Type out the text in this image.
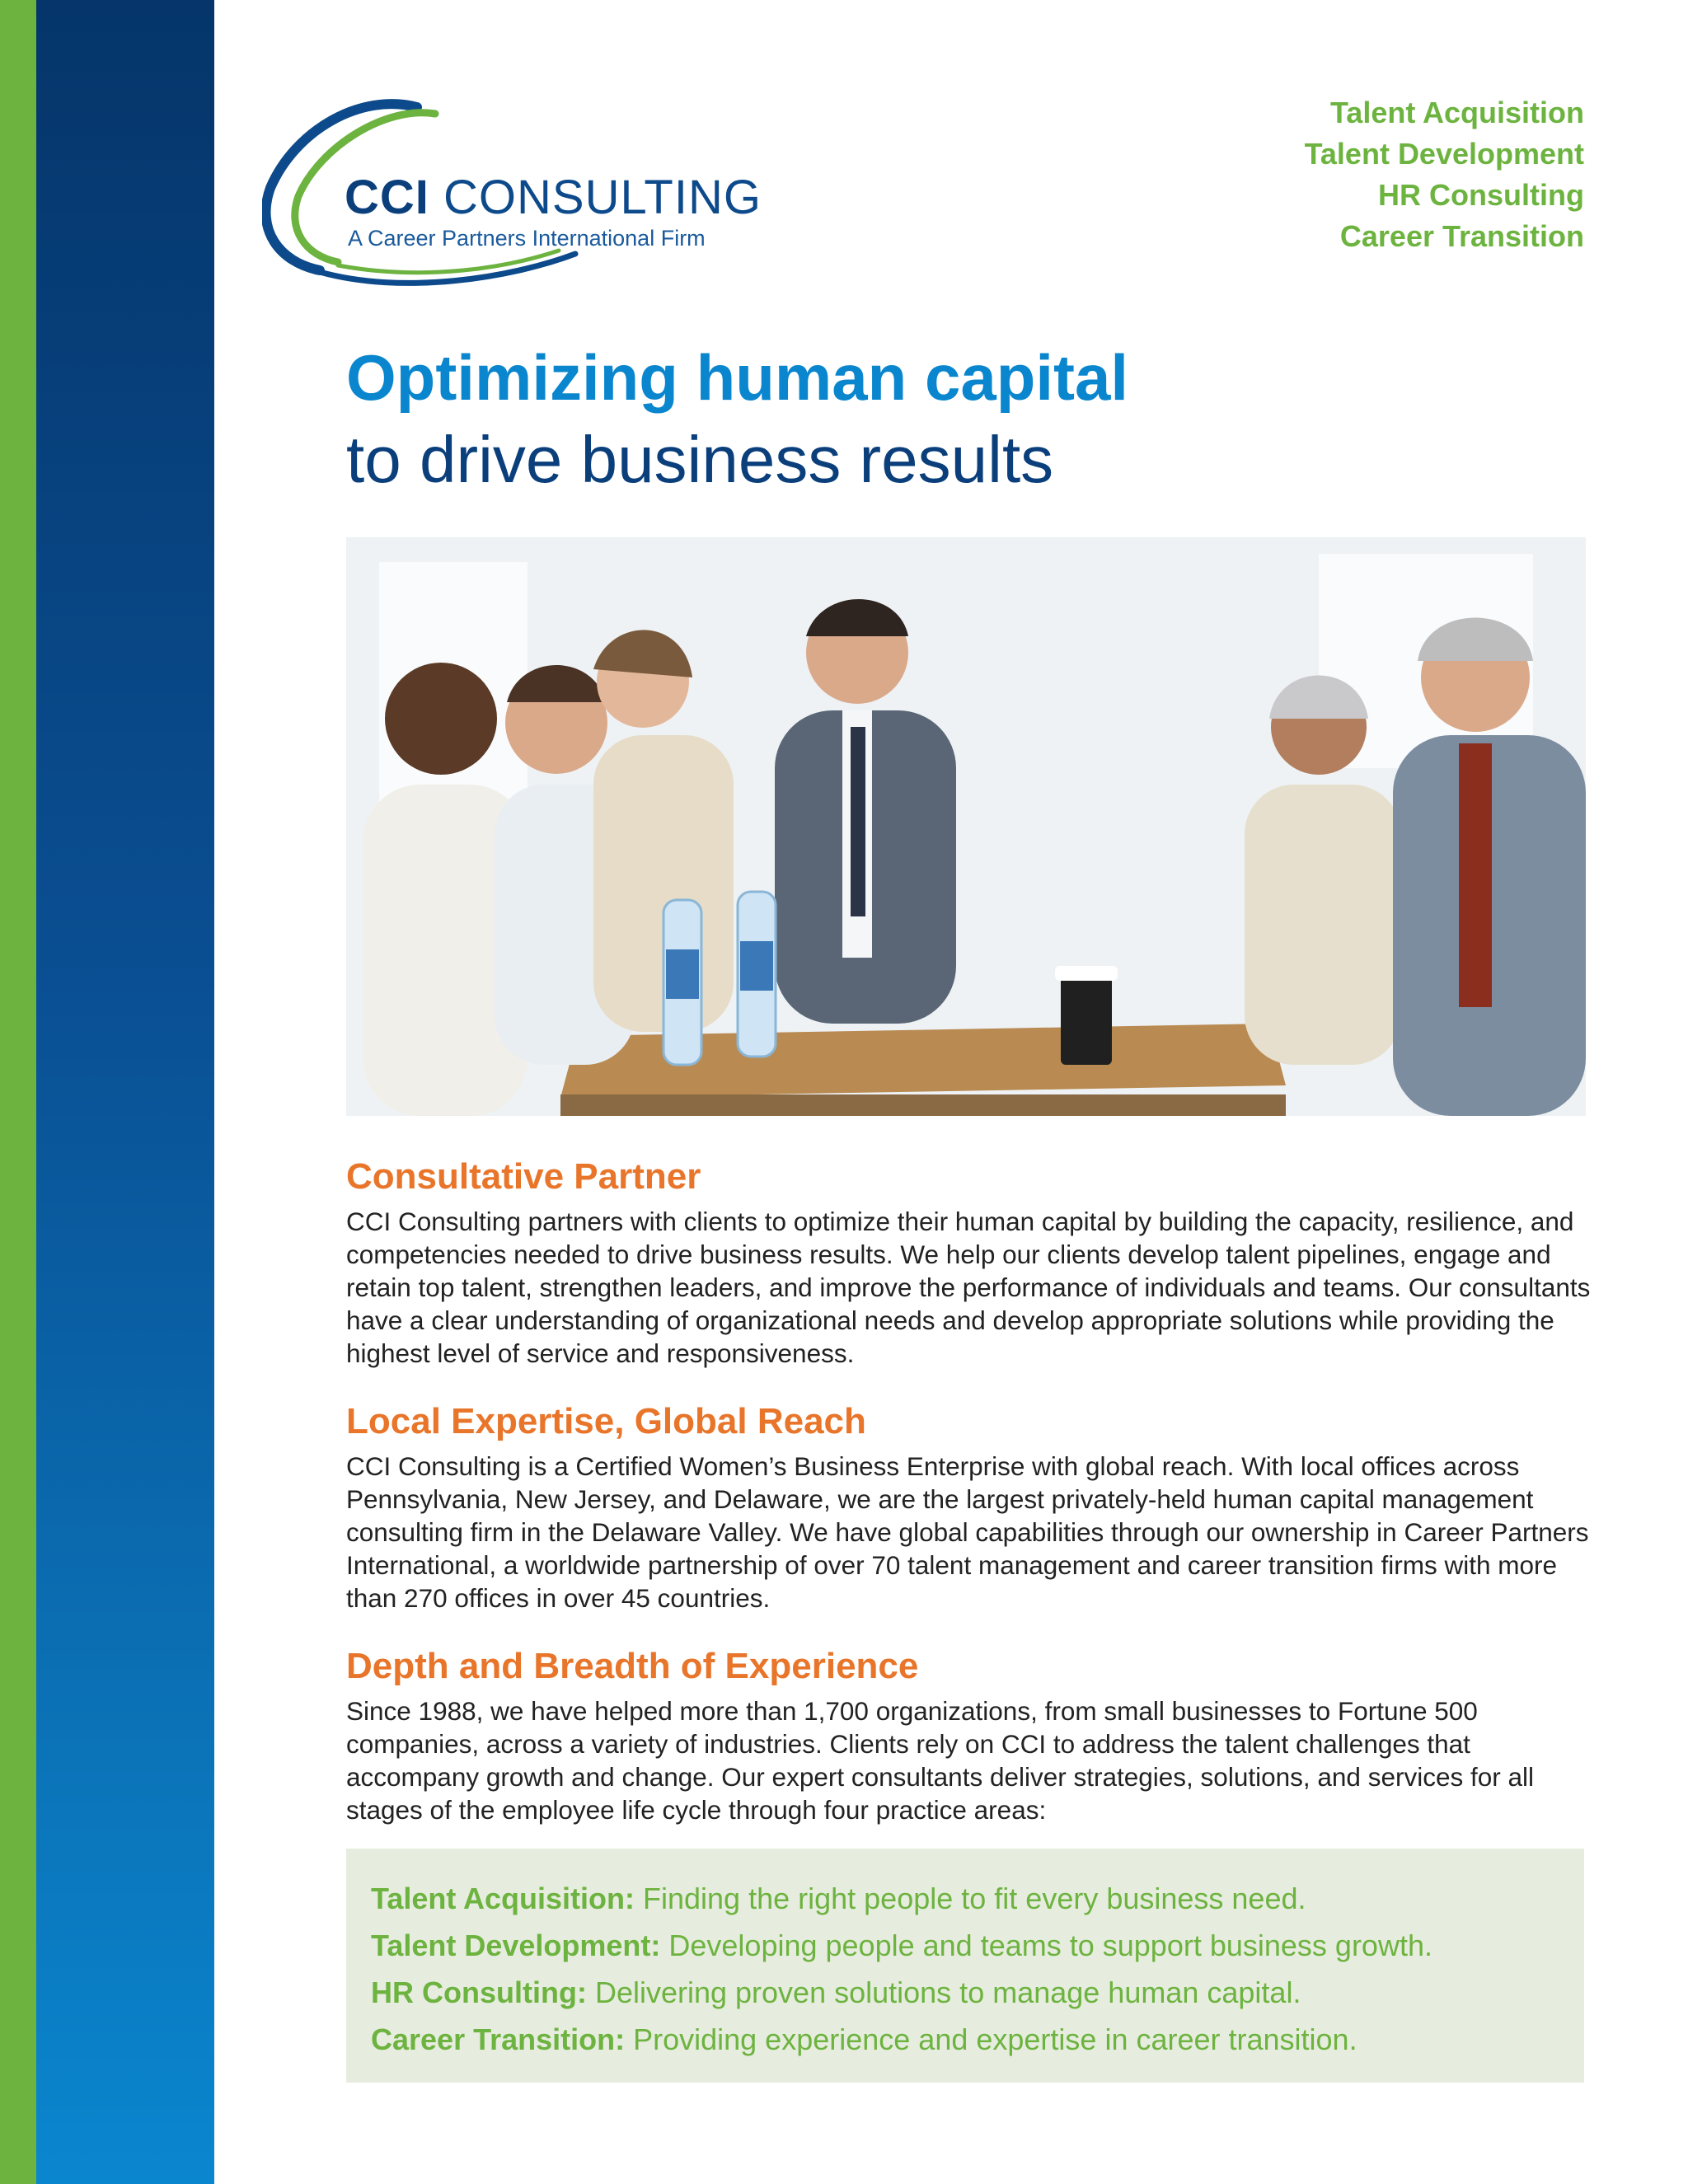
CCI CONSULTING
A Career Partners International Firm
Talent Acquisition
Talent Development
HR Consulting
Career Transition
Optimizing human capital
to drive business results
Consultative Partner
CCI Consulting partners with clients to optimize their human capital by building the capacity, resilience, and competencies needed to drive business results. We help our clients develop talent pipelines, engage and retain top talent, strengthen leaders, and improve the performance of individuals and teams. Our consultants have a clear understanding of organizational needs and develop appropriate solutions while providing the highest level of service and responsiveness.
Local Expertise, Global Reach
CCI Consulting is a Certified Women’s Business Enterprise with global reach. With local offices across Pennsylvania, New Jersey, and Delaware, we are the largest privately-held human capital management consulting firm in the Delaware Valley. We have global capabilities through our ownership in Career Partners International, a worldwide partnership of over 70 talent management and career transition firms with more than 270 offices in over 45 countries.
Depth and Breadth of Experience
Since 1988, we have helped more than 1,700 organizations, from small businesses to Fortune 500 companies, across a variety of industries. Clients rely on CCI to address the talent challenges that accompany growth and change. Our expert consultants deliver strategies, solutions, and services for all stages of the employee life cycle through four practice areas:
Talent Acquisition: Finding the right people to fit every business need.
Talent Development: Developing people and teams to support business growth.
HR Consulting: Delivering proven solutions to manage human capital.
Career Transition: Providing experience and expertise in career transition.
